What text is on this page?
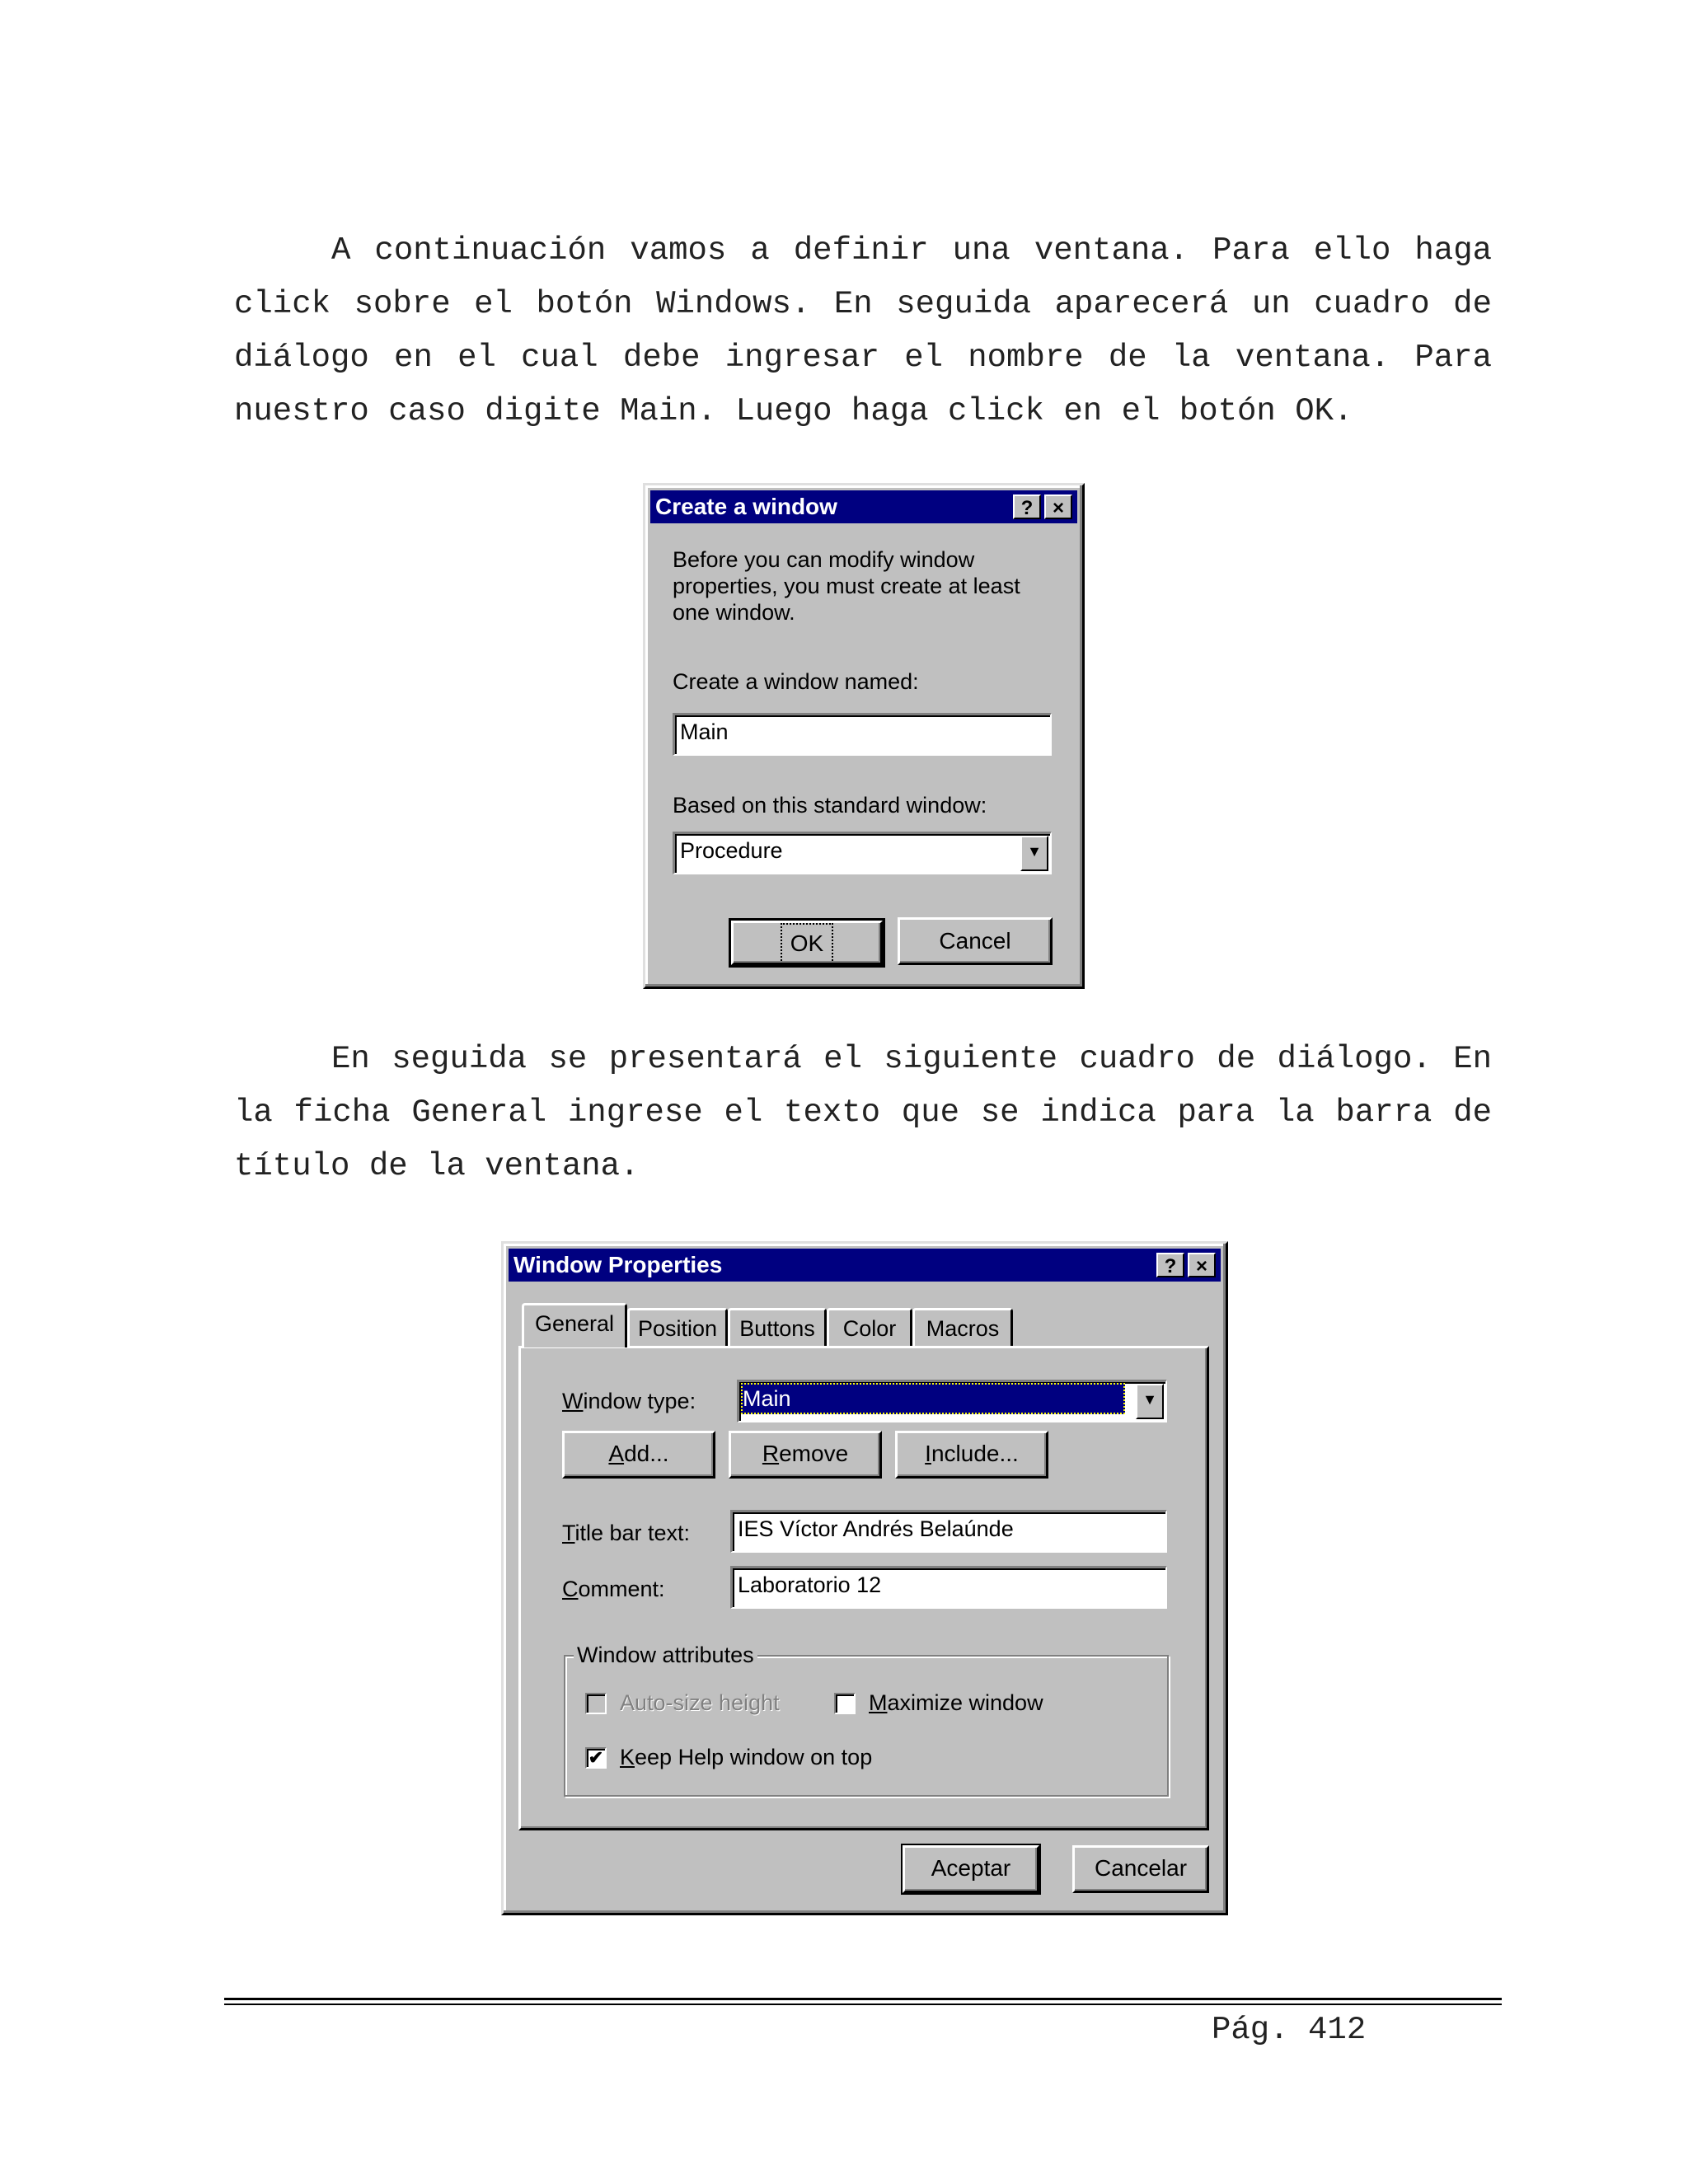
A continuación vamos a definir una ventana. Para ello haga click sobre el botón Windows. En seguida aparecerá un cuadro de diálogo en el cual debe ingresar el nombre de la ventana. Para nuestro caso digite Main. Luego haga click en el botón OK.

Create a window	? ×
Before you can modify window
properties, you must create at least
one window.
Create a window named:
Main
Based on this standard window:
Procedure	▼
OK	Cancel

En seguida se presentará el siguiente cuadro de diálogo. En la ficha General ingrese el texto que se indica para la barra de título de la ventana.

Window Properties	? ×
General	Position	Buttons	Color	Macros
Window type: Main	▼
Add...	Remove	Include...
Title bar text:	IES Víctor Andrés Belaúnde
Comment:	Laboratorio 12
Window attributes
Auto-size height	Maximize window
✔ Keep Help window on top
Aceptar	Cancelar
Pág. 412
